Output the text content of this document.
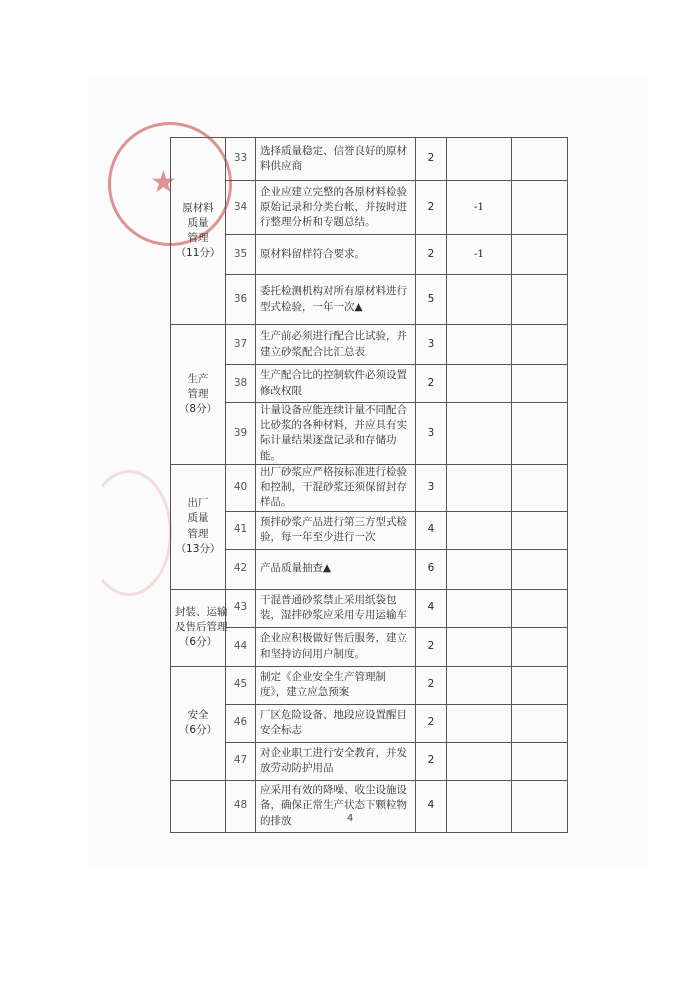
★
原材料
质量
管理
（11分）	33	选择质量稳定、信誉良好的原材料供应商	2		
	34	企业应建立完整的各原材料检验原始记录和分类台帐，并按时进行整理分析和专题总结。	2	-1	
	35	原材料留样符合要求。	2	-1	
	36	委托检测机构对所有原材料进行型式检验，一年一次▲	5		

生产
管理
（8分）	37	生产前必须进行配合比试验，并建立砂浆配合比汇总表	3		
	38	生产配合比的控制软件必须设置修改权限	2		
	39	计量设备应能连续计量不同配合比砂浆的各种材料，并应具有实际计量结果逐盘记录和存储功能。	3		

出厂
质量
管理
（13分）	40	出厂砂浆应严格按标准进行检验和控制，干混砂浆还须保留封存样品。	3		
	41	预拌砂浆产品进行第三方型式检验，每一年至少进行一次	4		
	42	产品质量抽查▲	6		

封装、运输
及售后管理
（6分）	43	干混普通砂浆禁止采用纸袋包装，湿拌砂浆应采用专用运输车	4		
	44	企业应积极做好售后服务，建立和坚持访问用户制度。	2		

安全
（6分）	45	制定《企业安全生产管理制度》，建立应急预案	2		
	46	厂区危险设备、地段应设置醒目安全标志	2		
	47	对企业职工进行安全教育，并发放劳动防护用品	2		
	48	应采用有效的降噪、收尘设施设备，确保正常生产状态下颗粒物的排放	4		
4
